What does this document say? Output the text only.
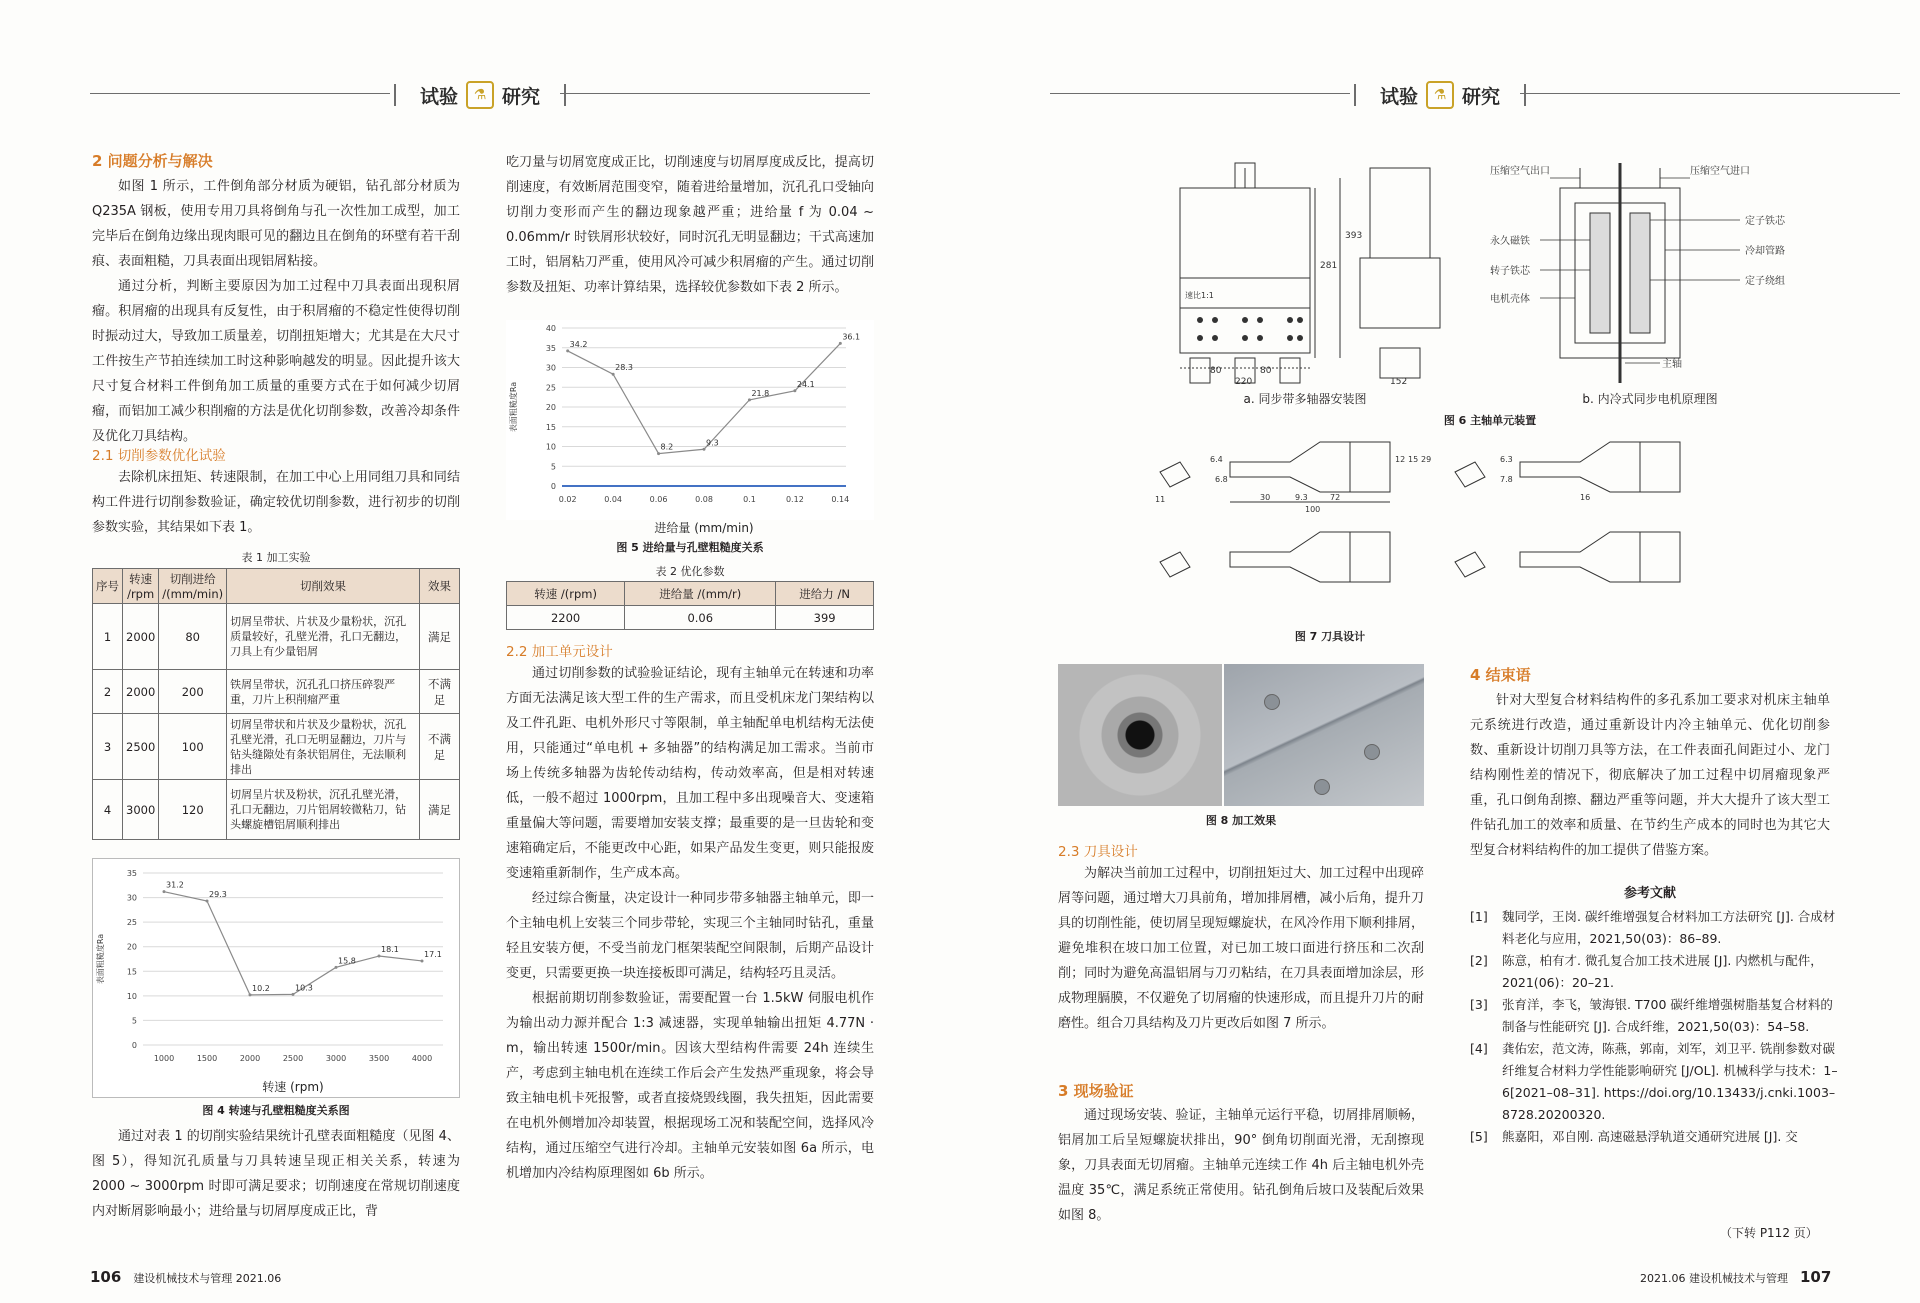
试验	⚗ 研究	试验	⚗ 研究
2 问题分析与解决

如图 1 所示，工件倒角部分材质为硬铝，钻孔部分材质为 Q235A 钢板，使用专用刀具将倒角与孔一次性加工成型，加工完毕后在倒角边缘出现肉眼可见的翻边且在倒角的环壁有若干刮痕、表面粗糙，刀具表面出现铝屑粘接。

通过分析，判断主要原因为加工过程中刀具表面出现积屑瘤。积屑瘤的出现具有反复性，由于积屑瘤的不稳定性使得切削时振动过大，导致加工质量差，切削扭矩增大；尤其是在大尺寸工件按生产节拍连续加工时这种影响越发的明显。因此提升该大尺寸复合材料工件倒角加工质量的重要方式在于如何减少切屑瘤，而铝加工减少积削瘤的方法是优化切削参数，改善冷却条件及优化刀具结构。

2.1 切削参数优化试验

去除机床扭矩、转速限制，在加工中心上用同组刀具和同结构工件进行切削参数验证，确定较优切削参数，进行初步的切削参数实验，其结果如下表 1。

表 1 加工实验
序号	转速 /rpm	切削进给 /(mm/min)	切削效果	效果
1	2000	80	切屑呈带状、片状及少量粉状，沉孔质量较好，孔壁光滑，孔口无翻边，刀具上有少量铝屑	满足
2	2000	200	铁屑呈带状，沉孔孔口挤压碎裂严重，刀片上积削瘤严重	不满足
3	2500	100	切屑呈带状和片状及少量粉状，沉孔孔壁光滑，孔口无明显翻边，刀片与钻头缝隙处有条状铝屑住，无法顺利排出	不满足
4	3000	120	切屑呈片状及粉状，沉孔孔壁光滑，孔口无翻边，刀片铝屑较微粘刀，钻头螺旋槽铝屑顺利排出	满足
0
5
10
15
20
25
30
35
1000	1500	2000	2500	3000	3500	4000
31.2
29.3
10.2	10.3
15.8
18.1
17.1
表面粗糙度Ra
转速 (rpm)
图 4 转速与孔壁粗糙度关系图

通过对表 1 的切削实验结果统计孔壁表面粗糙度（见图 4、图 5），得知沉孔质量与刀具转速呈现正相关关系，转速为 2000 ~ 3000rpm 时即可满足要求；切削速度在常规切削速度内对断屑影响最小；进给量与切屑厚度成正比，背

吃刀量与切屑宽度成正比，切削速度与切屑厚度成反比，提高切削速度，有效断屑范围变窄，随着进给量增加，沉孔孔口受轴向切削力变形而产生的翻边现象越严重；进给量 f 为 0.04 ~ 0.06mm/r 时铁屑形状较好，同时沉孔无明显翻边；干式高速加工时，铝屑粘刀严重，使用风冷可减少积屑瘤的产生。通过切削参数及扭矩、功率计算结果，选择较优参数如下表 2 所示。
0
5
10
15
20
25
30
35
40
0.02	0.04	0.06	0.08	0.1	0.12	0.14
34.2
28.3
8.2	9.3
21.8
24.1
36.1
表面粗糙度Ra
进给量 (mm/min)
图 5 进给量与孔壁粗糙度关系
表 2 优化参数
转速 /(rpm)	进给量 /(mm/r)	进给力 /N
2200	0.06	399
2.2 加工单元设计

通过切削参数的试验验证结论，现有主轴单元在转速和功率方面无法满足该大型工件的生产需求，而且受机床龙门架结构以及工件孔距、电机外形尺寸等限制，单主轴配单电机结构无法使用，只能通过“单电机 + 多轴器”的结构满足加工需求。当前市场上传统多轴器为齿轮传动结构，传动效率高，但是相对转速低，一般不超过 1000rpm，且加工程中多出现噪音大、变速箱重量偏大等问题，需要增加安装支撑；最重要的是一旦齿轮和变速箱确定后，不能更改中心距，如果产品发生变更，则只能报废变速箱重新制作，生产成本高。

经过综合衡量，决定设计一种同步带多轴器主轴单元，即一个主轴电机上安装三个同步带轮，实现三个主轴同时钻孔，重量轻且安装方便，不受当前龙门框架装配空间限制，后期产品设计变更，只需要更换一块连接板即可满足，结构轻巧且灵活。

根据前期切削参数验证，需要配置一台 1.5kW 伺服电机作为输出动力源并配合 1:3 减速器，实现单轴输出扭矩 4.77N · m，输出转速 1500r/min。因该大型结构件需要 24h 连续生产，考虑到主轴电机在连续工作后会产生发热严重现象，将会导致主轴电机卡死报警，或者直接烧毁线圈，我失扭矩，因此需要在电机外侧增加冷却装置，根据现场工况和装配空间，选择风冷结构，通过压缩空气进行冷却。主轴单元安装如图 6a 所示，电机增加内冷结构原理图如 6b 所示。

80	80
220
281
393
152
速比1:1
a. 同步带多轴器安装图
压缩空气出口	压缩空气进口
永久磁铁
转子铁芯
电机壳体
定子铁芯
冷却管路
定子绕组
主轴
b. 内冷式同步电机原理图
图 6 主轴单元装置
6.4
11	30	9.3	72
100
6.8
12 15 29	6.3
16
7.8
图 7 刀具设计
图 8 加工效果
2.3 刀具设计

为解决当前加工过程中，切削扭矩过大、加工过程中出现碎屑等问题，通过增大刀具前角，增加排屑槽，减小后角，提升刀具的切削性能，使切屑呈现短螺旋状，在风冷作用下顺利排屑，避免堆积在坡口加工位置，对已加工坡口面进行挤压和二次刮削；同时为避免高温铝屑与刀刃粘结，在刀具表面增加涂层，形成物理膈膜，不仅避免了切屑瘤的快速形成，而且提升刀片的耐磨性。组合刀具结构及刀片更改后如图 7 所示。

3 现场验证

通过现场安装、验证，主轴单元运行平稳，切屑排屑顺畅，铝屑加工后呈短螺旋状排出，90° 倒角切削面光滑，无刮擦现象，刀具表面无切屑瘤。主轴单元连续工作 4h 后主轴电机外壳温度 35℃，满足系统正常使用。钻孔倒角后坡口及装配后效果如图 8。

4 结束语

针对大型复合材料结构件的多孔系加工要求对机床主轴单元系统进行改造，通过重新设计内冷主轴单元、优化切削参数、重新设计切削刀具等方法，在工件表面孔间距过小、龙门结构刚性差的情况下，彻底解决了加工过程中切屑瘤现象严重，孔口倒角刮擦、翻边严重等问题，并大大提升了该大型工件钻孔加工的效率和质量、在节约生产成本的同时也为其它大型复合材料结构件的加工提供了借鉴方案。

参考文献
[1]	魏同学，王岗. 碳纤维增强复合材料加工方法研究 [J]. 合成材料老化与应用，2021,50(03)：86–89.
[2]	陈意，柏有才. 微孔复合加工技术进展 [J]. 内燃机与配件，2021(06)：20–21.
[3]	张育洋，李飞，皱海银. T700 碳纤维增强树脂基复合材料的制备与性能研究 [J]. 合成纤维，2021,50(03)：54–58.
[4]	龚佑宏，范文涛，陈燕，郭南，刘军，刘卫平. 铣削参数对碳纤维复合材料力学性能影响研究 [J/OL]. 机械科学与技术：1–6[2021–08–31]. https://doi.org/10.13433/j.cnki.1003–8728.20200320.
[5]	熊嘉阳，邓自刚. 高速磁悬浮轨道交通研究进展 [J]. 交
（下转 P112 页）
106 建设机械技术与管理 2021.06	2021.06 建设机械技术与管理 107
